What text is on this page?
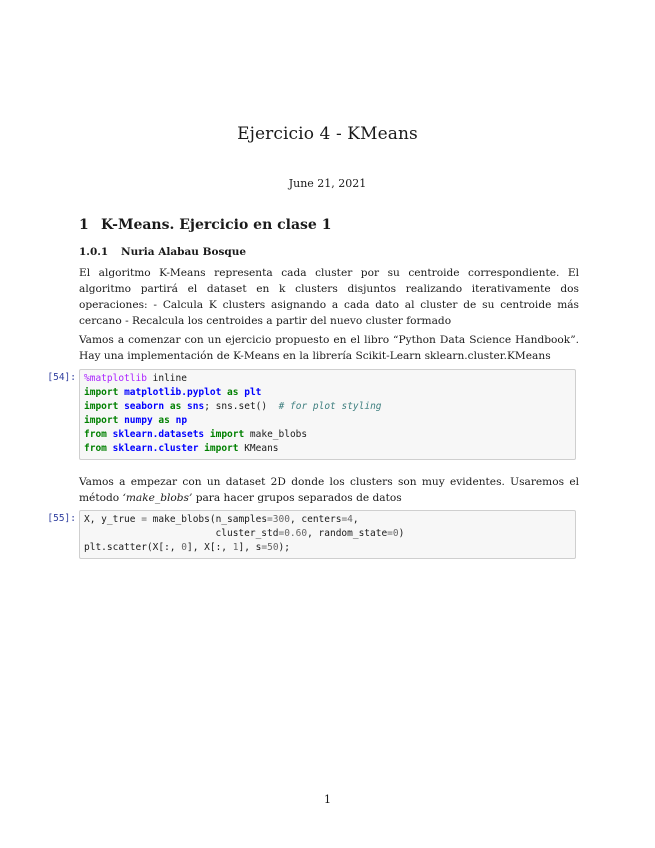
Ejercicio 4 - KMeans
June 21, 2021
1 K-Means. Ejercicio en clase 1
1.0.1 Nuria Alabau Bosque
El algoritmo K-Means representa cada cluster por su centroide correspondiente. El algoritmo partirá el dataset en k clusters disjuntos realizando iterativamente dos operaciones: - Calcula K clusters asignando a cada dato al cluster de su centroide más cercano - Recalcula los centroides a partir del nuevo cluster formado
Vamos a comenzar con un ejercicio propuesto en el libro “Python Data Science Handbook”. Hay una implementación de K-Means en la librería Scikit-Learn sklearn.cluster.KMeans
[54]: %matplotlib inline
import matplotlib.pyplot as plt
import seaborn as sns; sns.set()  # for plot styling
import numpy as np
from sklearn.datasets import make_blobs
from sklearn.cluster import KMeans
Vamos a empezar con un dataset 2D donde los clusters son muy evidentes. Usaremos el método ‘make_blobs’ para hacer grupos separados de datos
[55]: X, y_true = make_blobs(n_samples=300, centers=4,
cluster_std=0.60, random_state=0)
plt.scatter(X[:, 0], X[:, 1], s=50);
1
